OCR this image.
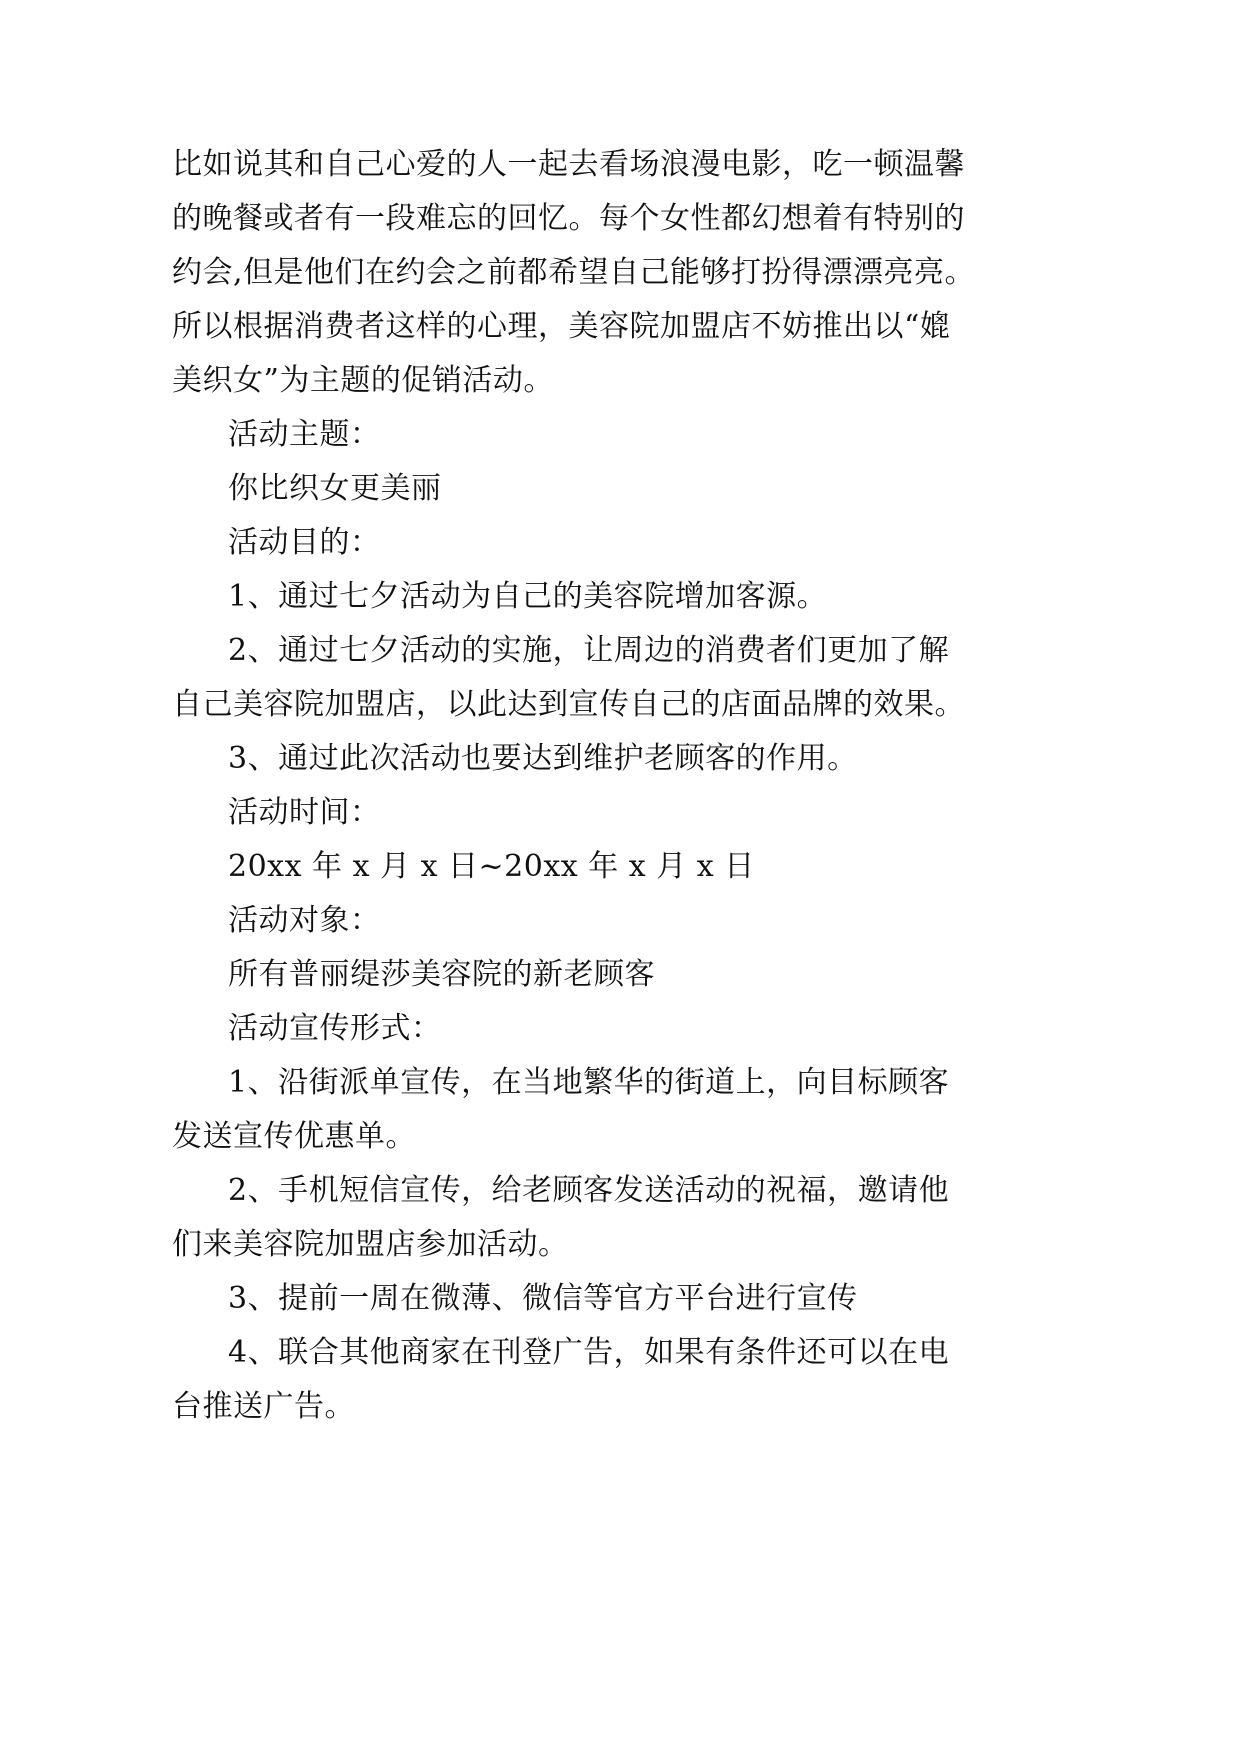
比如说其和自己心爱的人一起去看场浪漫电影，吃一顿温馨
的晚餐或者有一段难忘的回忆。每个女性都幻想着有特别的
约会,但是他们在约会之前都希望自己能够打扮得漂漂亮亮。
所以根据消费者这样的心理，美容院加盟店不妨推出以“媲
美织女”为主题的促销活动。
活动主题：
你比织女更美丽
活动目的：
1、通过七夕活动为自己的美容院增加客源。
2、通过七夕活动的实施，让周边的消费者们更加了解
自己美容院加盟店，以此达到宣传自己的店面品牌的效果。
3、通过此次活动也要达到维护老顾客的作用。
活动时间：
20xx 年 x 月 x 日~20xx 年 x 月 x 日
活动对象：
所有普丽缇莎美容院的新老顾客
活动宣传形式：
1、沿街派单宣传，在当地繁华的街道上，向目标顾客
发送宣传优惠单。
2、手机短信宣传，给老顾客发送活动的祝福，邀请他
们来美容院加盟店参加活动。
3、提前一周在微薄、微信等官方平台进行宣传
4、联合其他商家在刊登广告，如果有条件还可以在电
台推送广告。
